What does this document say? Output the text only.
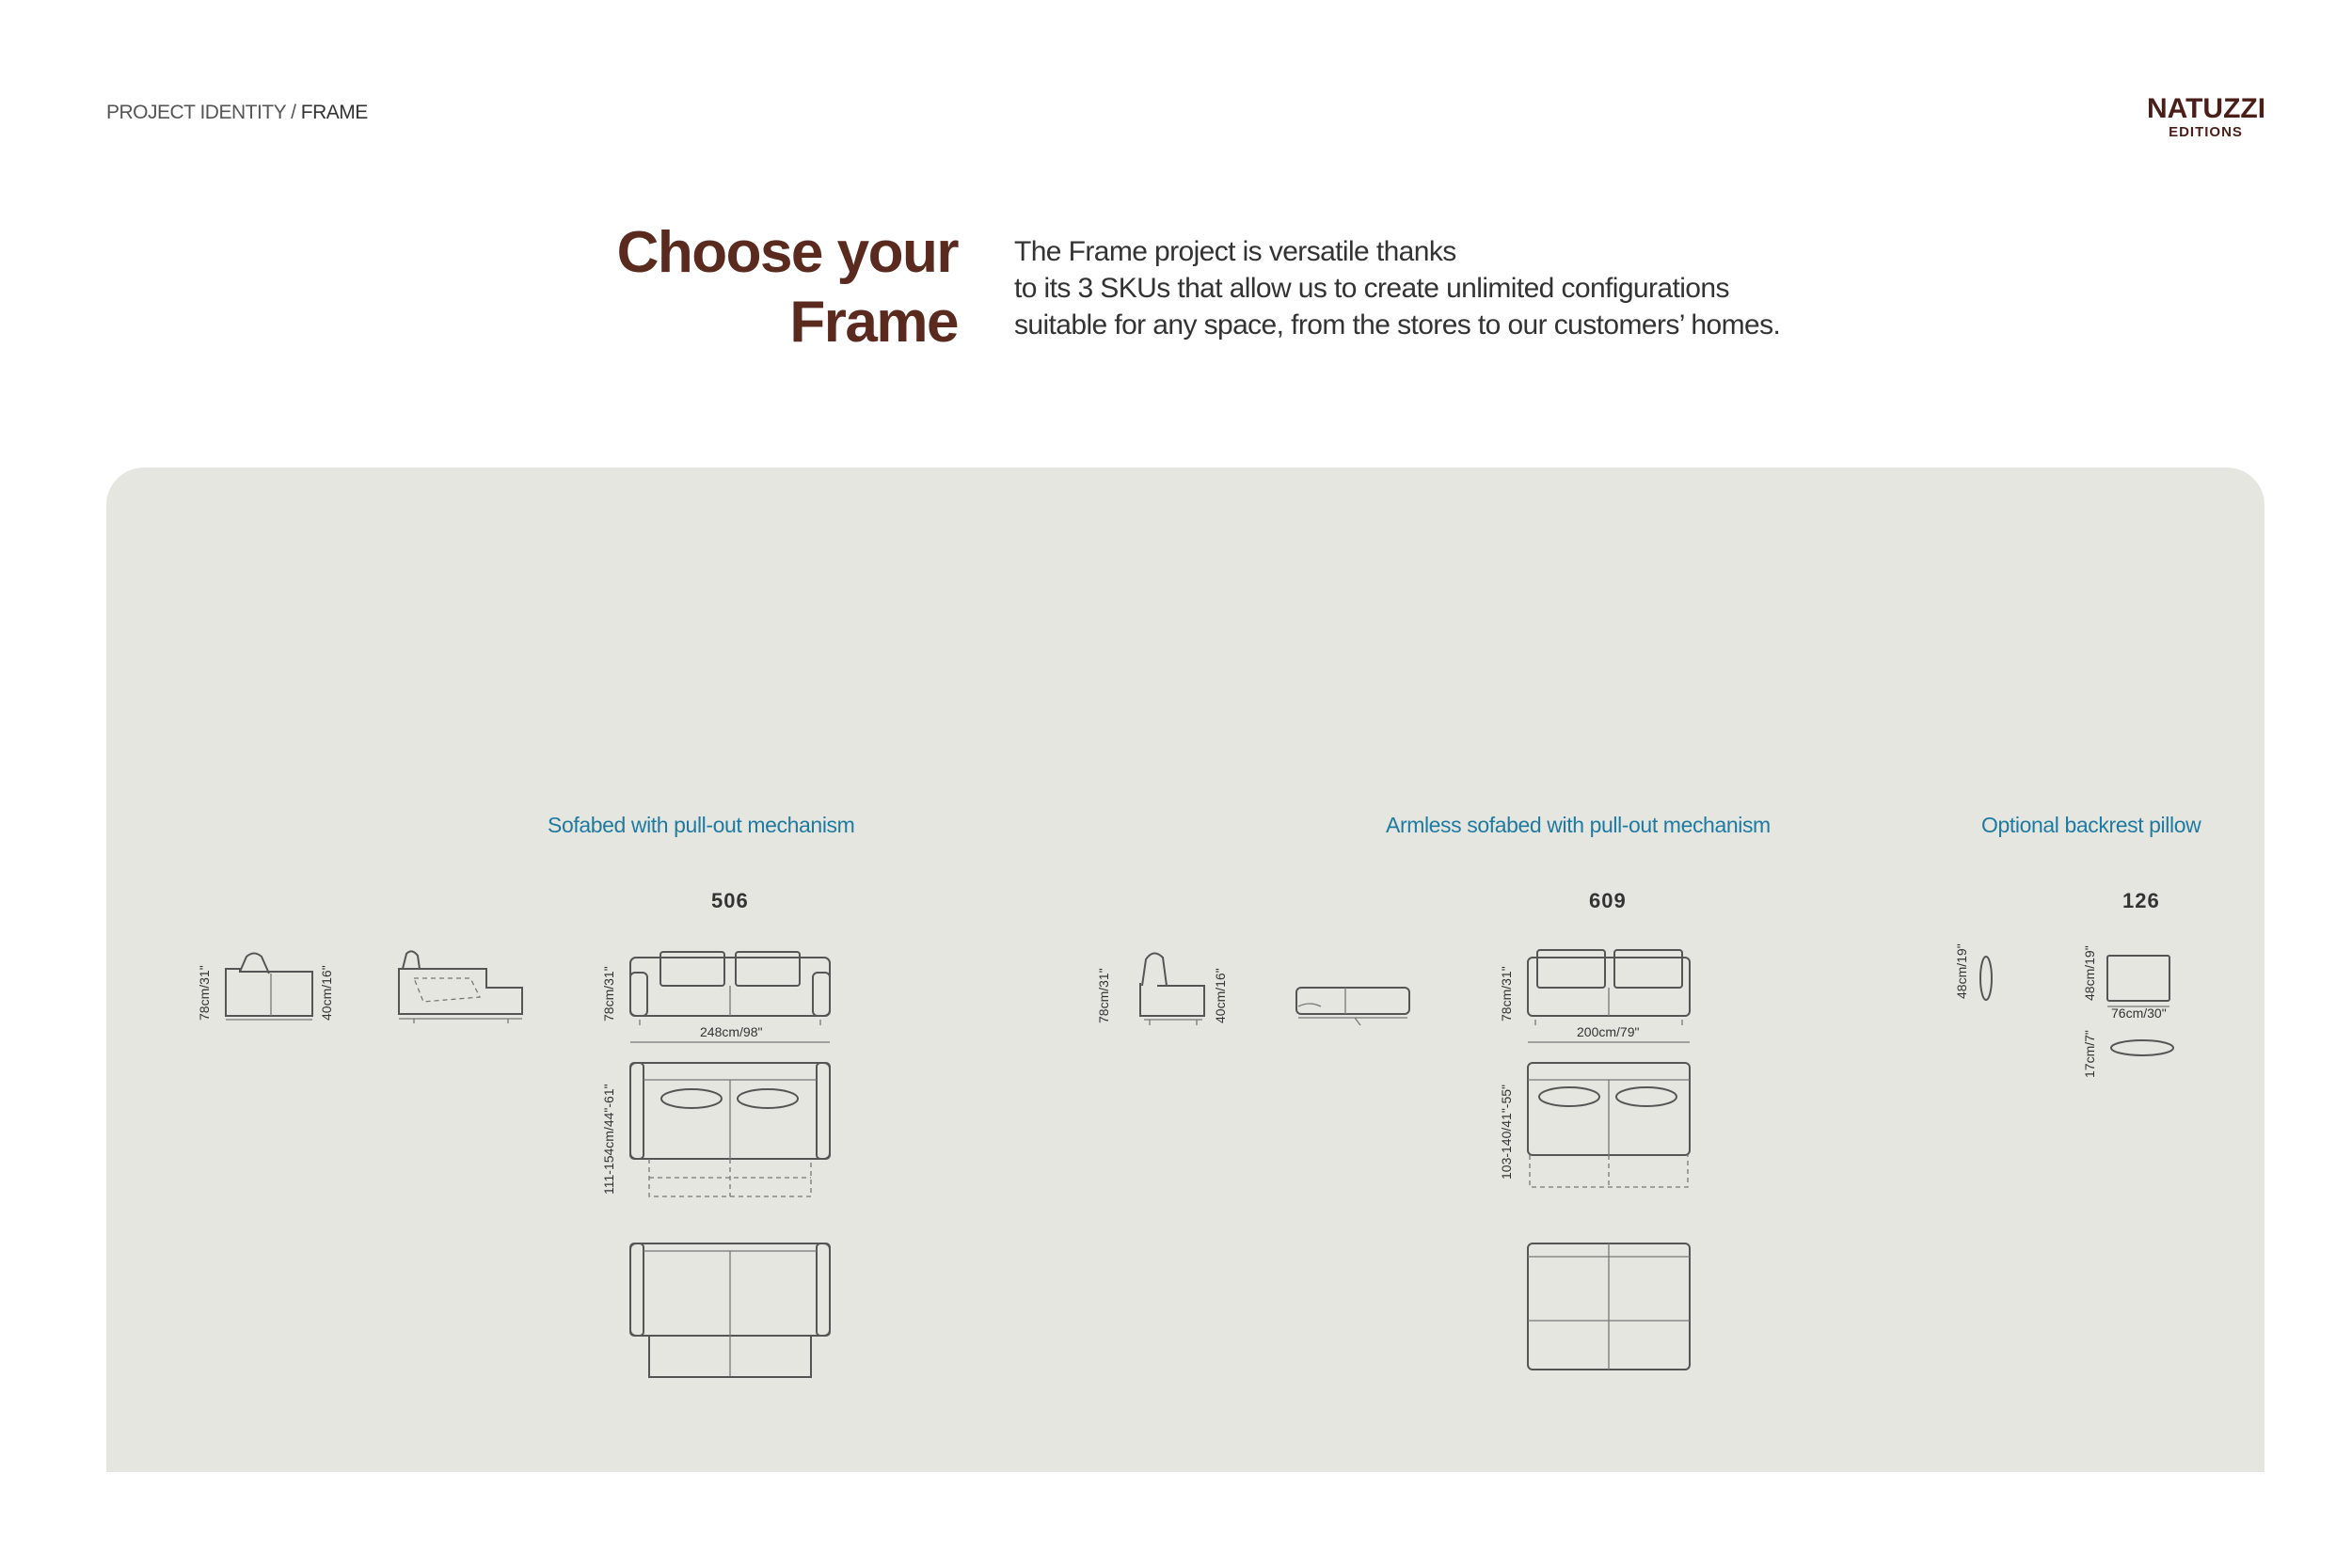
PROJECT IDENTITY / FRAME	NATUZZI
EDITIONS
Choose your
Frame
The Frame project is versatile thanks
to its 3 SKUs that allow us to create unlimited configurations
suitable for any space, from the stores to our customers’ homes.
Sofabed with pull-out mechanism	Armless sofabed with pull-out mechanism	Optional backrest pillow
506	609	126
78cm/31"	40cm/16"	78cm/31"
248cm/98"
111-154cm/44"-61"
78cm/31"	40cm/16"	78cm/31"
200cm/79"
103-140/41"-55"
48cm/19"	48cm/19"
76cm/30"
17cm/7"
